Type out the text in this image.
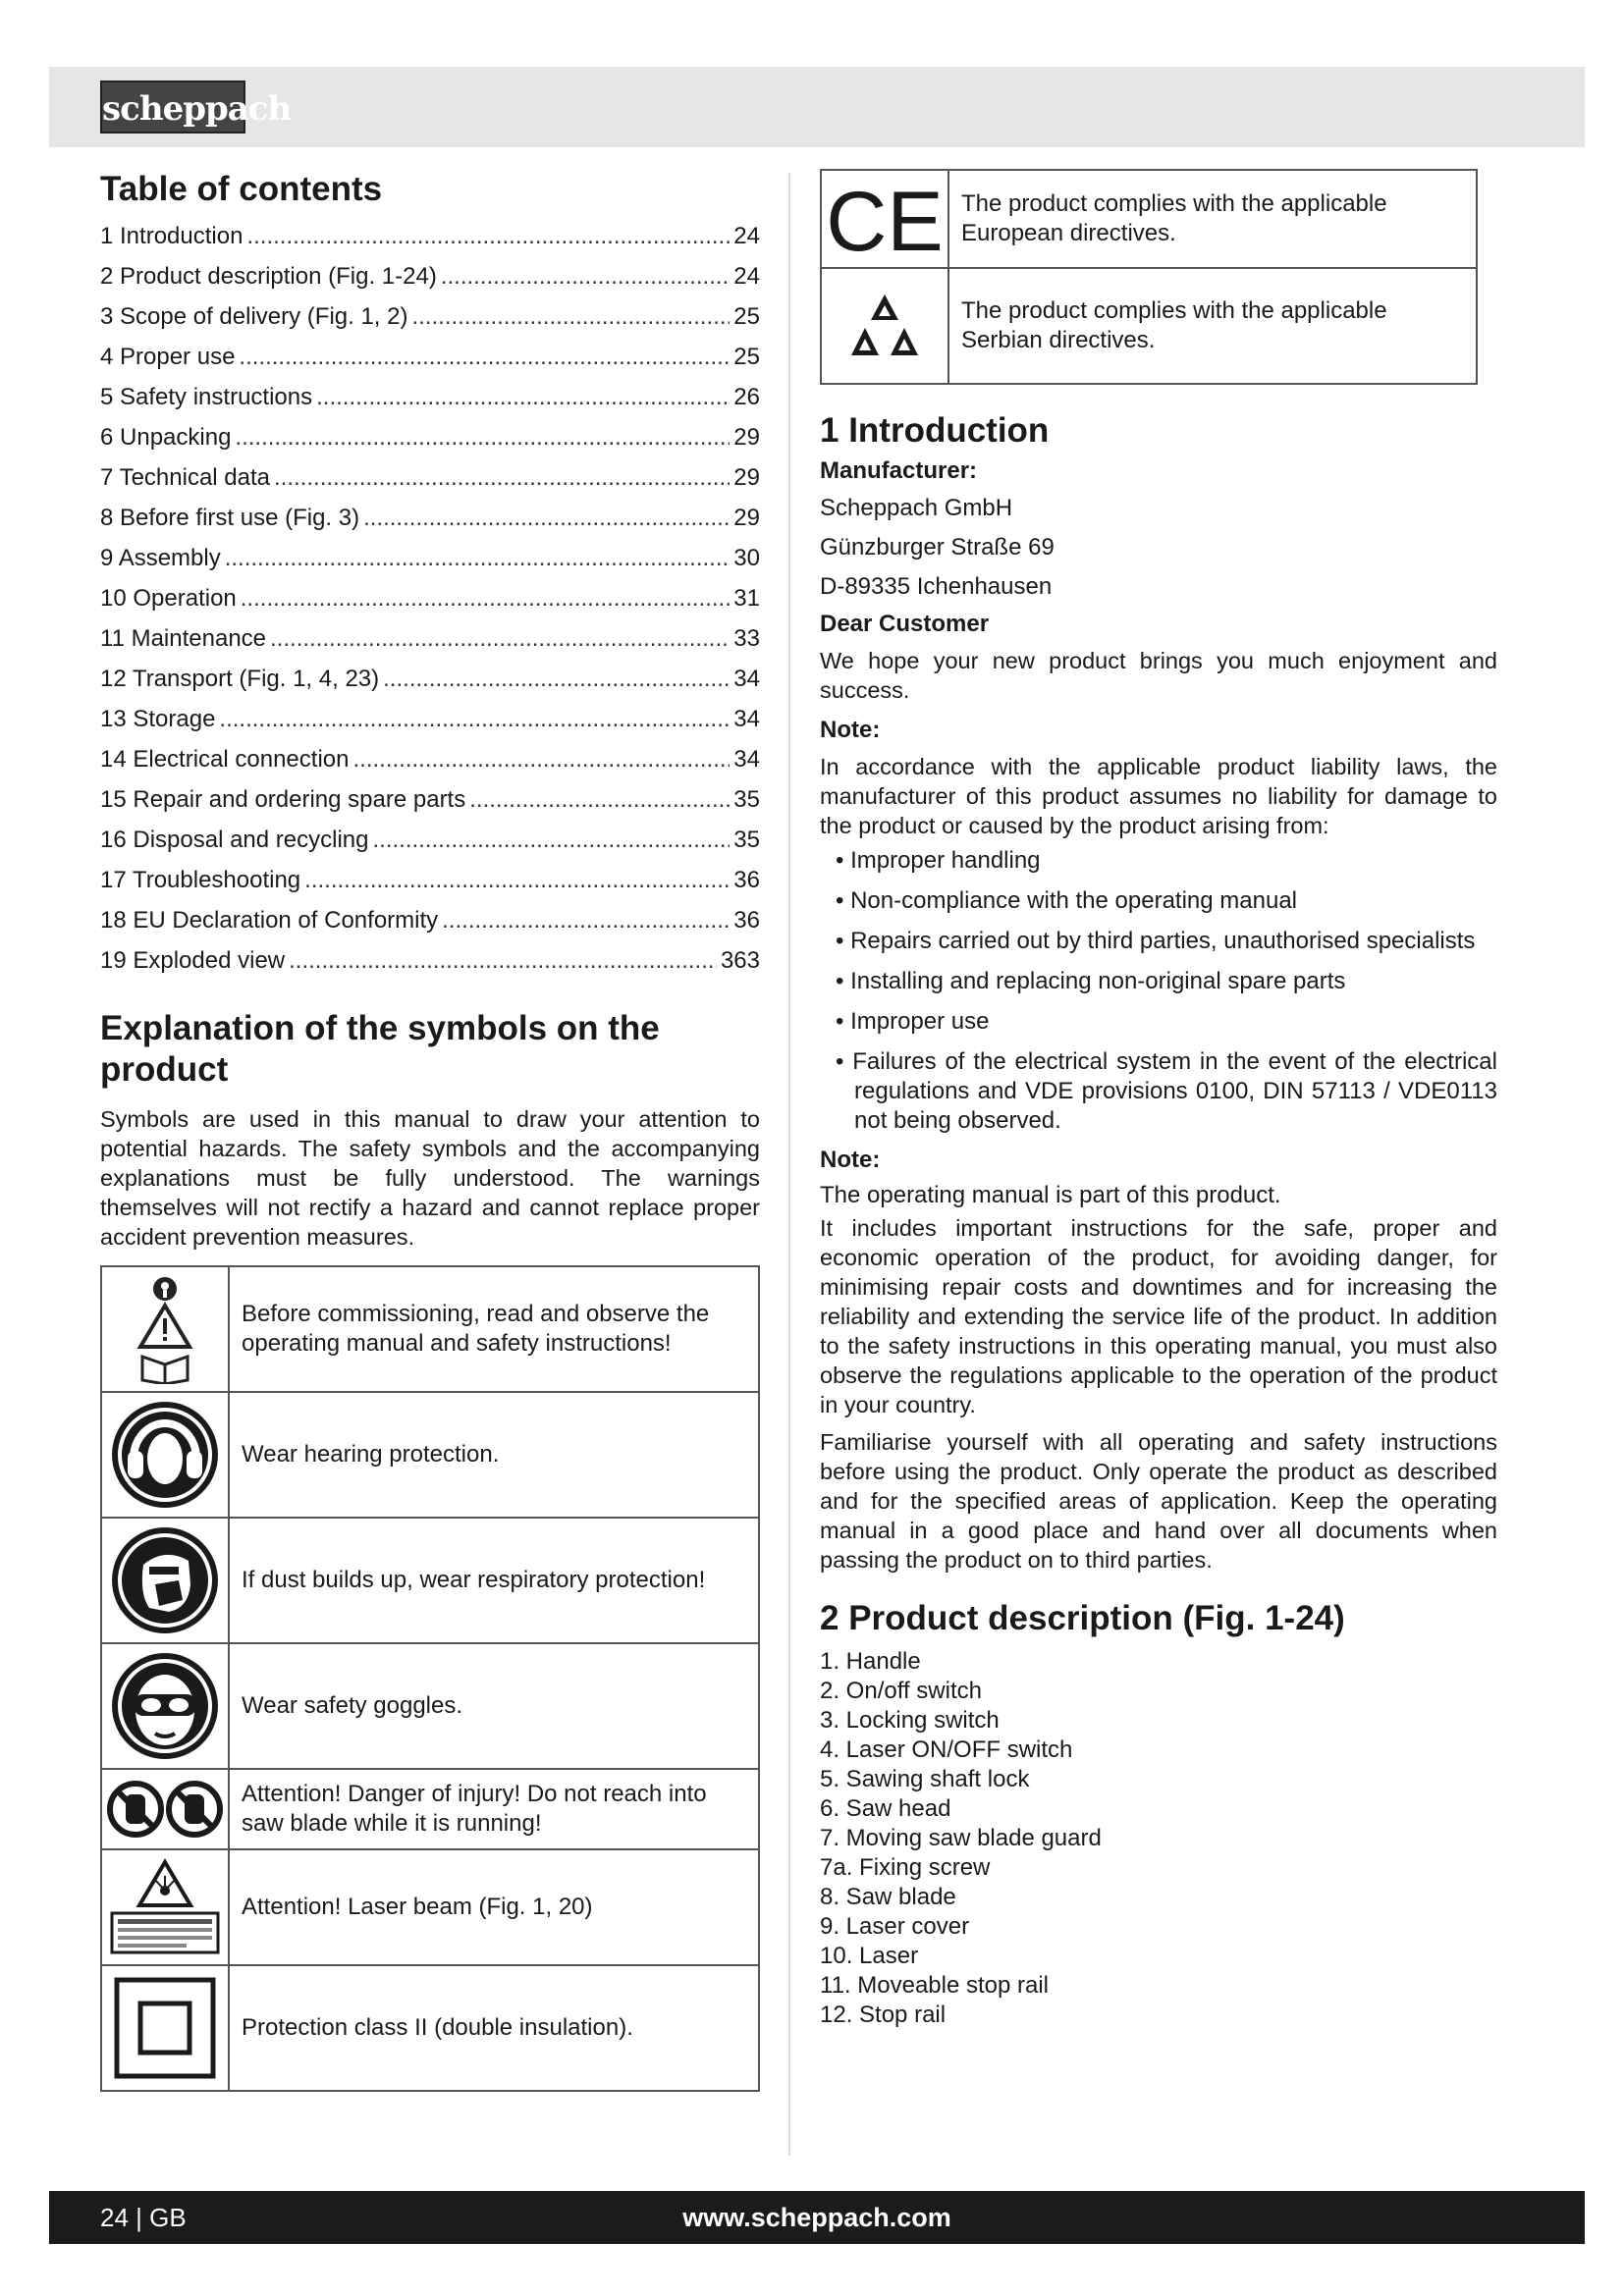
scheppach
Table of contents
1 Introduction .....	24
2 Product description (Fig. 1-24) .....	24
3 Scope of delivery (Fig. 1, 2) .....	25
4 Proper use .....	25
5 Safety instructions .....	26
6 Unpacking .....	29
7 Technical data .....	29
8 Before first use (Fig. 3) .....	29
9 Assembly .....	30
10 Operation .....	31
11 Maintenance .....	33
12 Transport (Fig. 1, 4, 23) .....	34
13 Storage .....	34
14 Electrical connection .....	34
15 Repair and ordering spare parts .....	35
16 Disposal and recycling .....	35
17 Troubleshooting .....	36
18 EU Declaration of Conformity .....	36
19 Exploded view .....	363
Explanation of the symbols on the product

Symbols are used in this manual to draw your attention to potential hazards. The safety symbols and the accompanying explanations must be fully understood. The warnings themselves will not rectify a hazard and cannot replace proper accident prevention measures.

	Before commissioning, read and observe the operating manual and safety instructions!

	Wear hearing protection.

	If dust builds up, wear respiratory protection!

	Wear safety goggles.

	Attention! Danger of injury! Do not reach into saw blade while it is running!

	Attention! Laser beam (Fig. 1, 20)

	Protection class II (double insulation).
CE	The product complies with the applicable European directives.

	The product complies with the applicable Serbian directives.
1 Introduction

Manufacturer:

Scheppach GmbH

Günzburger Straße 69

D-89335 Ichenhausen

Dear Customer

We hope your new product brings you much enjoyment and success.

Note:

In accordance with the applicable product liability laws, the manufacturer of this product assumes no liability for damage to the product or caused by the product arising from:

• Improper handling
• Non-compliance with the operating manual
• Repairs carried out by third parties, unauthorised specialists
• Installing and replacing non-original spare parts
• Improper use
• Failures of the electrical system in the event of the electrical regulations and VDE provisions 0100, DIN 57113 / VDE0113 not being observed.

Note:

The operating manual is part of this product.

It includes important instructions for the safe, proper and economic operation of the product, for avoiding danger, for minimising repair costs and downtimes and for increasing the reliability and extending the service life of the product. In addition to the safety instructions in this operating manual, you must also observe the regulations applicable to the operation of the product in your country.

Familiarise yourself with all operating and safety instructions before using the product. Only operate the product as described and for the specified areas of application. Keep the operating manual in a good place and hand over all documents when passing the product on to third parties.

2 Product description (Fig. 1-24)
1. Handle
2. On/off switch
3. Locking switch
4. Laser ON/OFF switch
5. Sawing shaft lock
6. Saw head
7. Moving saw blade guard
7a. Fixing screw
8. Saw blade
9. Laser cover
10. Laser
11. Moveable stop rail
12. Stop rail
24 | GB	www.scheppach.com
